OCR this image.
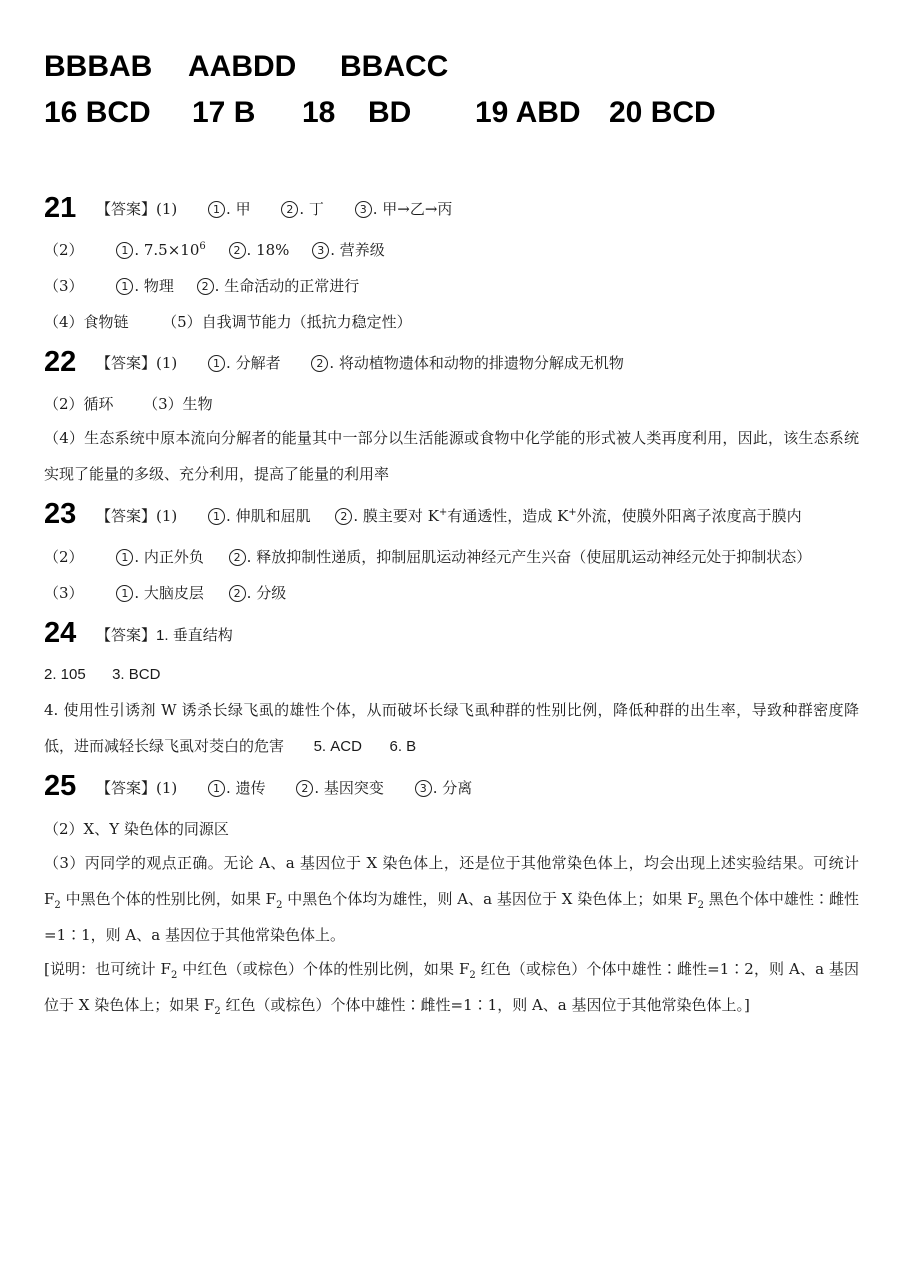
BBBAB AABDD BBACC
16 BCD 17 B 18 BD 19 ABD 20 BCD
21 【答案】(1)	1 . 甲	2 . 丁	3 . 甲→乙→丙
（2）	1 . $7.5\times 10^6$	2 . 18%	3 . 营养级
（3）	1 . 物理	2 . 生命活动的正常进行
（4）食物链 （5）自我调节能力（抵抗力稳定性）
22 【答案】(1)	1 . 分解者	2 . 将动植物遗体和动物的排遗物分解成无机物
（2）循环 （3）生物
（4）生态系统中原本流向分解者的能量其中一部分以生活能源或食物中化学能的形式被人类再度利用，因此，该生态系统实现了能量的多级、充分利用，提高了能量的利用率
23 【答案】(1)	1 . 伸肌和屈肌	2 . 膜主要对 K+有通透性，造成 K+外流，使膜外阳离子浓度高于膜内
（2）	1 . 内正外负	2 . 释放抑制性递质，抑制屈肌运动神经元产生兴奋（使屈肌运动神经元处于抑制状态）
（3）	1 . 大脑皮层	2 . 分级
24 【答案】1. 垂直结构
2. 105 3. BCD
4. 使用性引诱剂 W 诱杀长绿飞虱的雄性个体，从而破坏长绿飞虱种群的性别比例，降低种群的出生率，导致种群密度降低，进而减轻长绿飞虱对茭白的危害 5. ACD 6. B
25 【答案】(1)	1 . 遗传	2 . 基因突变	3 . 分离
（2）X、Y 染色体的同源区
（3）丙同学的观点正确。无论 A、a 基因位于 X 染色体上，还是位于其他常染色体上，均会出现上述实验结果。可统计 $F_2$ 中黑色个体的性别比例，如果 $F_2$ 中黑色个体均为雄性，则 A、a 基因位于 X 染色体上；如果 $F_2$ 黑色个体中雄性∶雌性=1∶1，则 A、a 基因位于其他常染色体上。
[说明：也可统计 $F_2$ 中红色（或棕色）个体的性别比例，如果 $F_2$ 红色（或棕色）个体中雄性∶雌性=1∶2，则 A、a 基因位于 X 染色体上；如果 $F_2$ 红色（或棕色）个体中雄性∶雌性=1∶1，则 A、a 基因位于其他常染色体上。]
